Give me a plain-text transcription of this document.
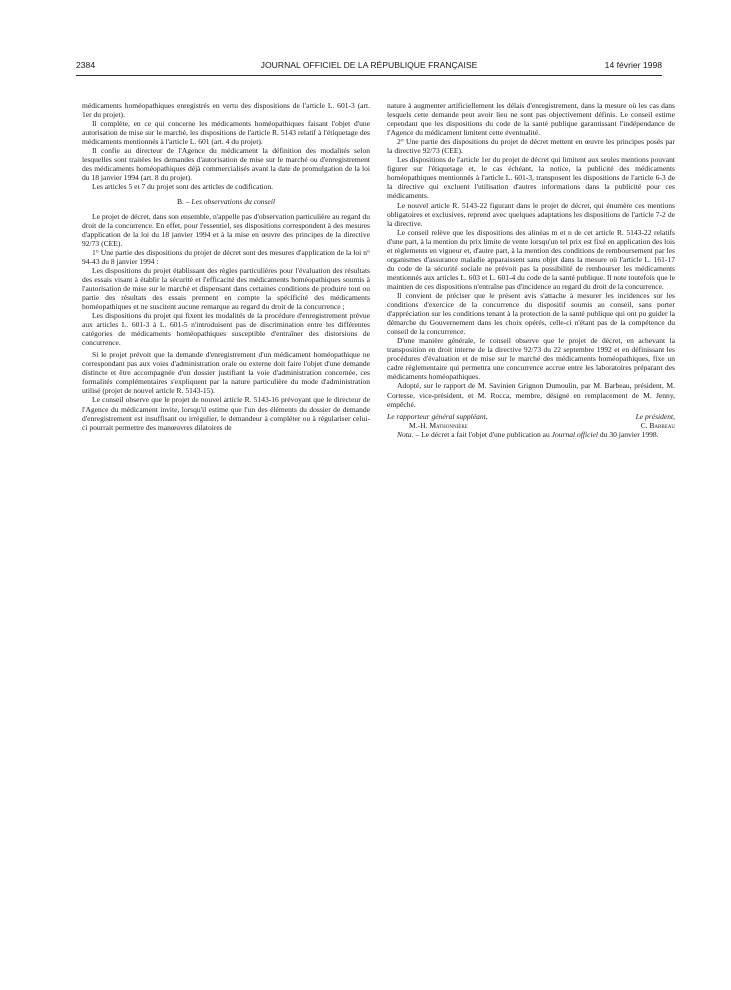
2384	JOURNAL OFFICIEL DE LA RÉPUBLIQUE FRANÇAISE	14 février 1998

médicaments homéopathiques enregistrés en vertu des dispositions de l'article L. 601-3 (art. 1er du projet).

Il complète, en ce qui concerne les médicaments homéopathiques faisant l'objet d'une autorisation de mise sur le marché, les dispositions de l'article R. 5143 relatif à l'étiquetage des médicaments mentionnés à l'article L. 601 (art. 4 du projet).

Il confie au directeur de l'Agence du médicament la définition des modalités selon lesquelles sont traitées les demandes d'autorisation de mise sur le marché ou d'enregistrement des médicaments homéopathiques déjà commercialisés avant la date de promulgation de la loi du 18 janvier 1994 (art. 8 du projet).

Les articles 5 et 7 du projet sont des articles de codification.

B. – Les observations du conseil

Le projet de décret, dans son ensemble, n'appelle pas d'observation particulière au regard du droit de la concurrence. En effet, pour l'essentiel, ses dispositions correspondent à des mesures d'application de la loi du 18 janvier 1994 et à la mise en œuvre des principes de la directive 92/73 (CEE).

1° Une partie des dispositions du projet de décret sont des mesures d'application de la loi n° 94-43 du 8 janvier 1994 :

Les dispositions du projet établissant des règles particulières pour l'évaluation des résultats des essais visant à établir la sécurité et l'efficacité des médicaments homéopathiques soumis à l'autorisation de mise sur le marché et dispensant dans certaines conditions de produire tout ou partie des résultats des essais prennent en compte la spécificité des médicaments homéopathiques et ne suscitent aucune remarque au regard du droit de la concurrence ;

Les dispositions du projet qui fixent les modalités de la procédure d'enregistrement prévue aux articles L. 601-3 à L. 601-5 n'introduisent pas de discrimination entre les différentes catégories de médicaments homéopathiques susceptible d'entraîner des distorsions de concurrence.

Si le projet prévoit que la demande d'enregistrement d'un médicament homéopathique ne correspondant pas aux voies d'administration orale ou externe doit faire l'objet d'une demande distincte et être accompagnée d'un dossier justifiant la voie d'administration concernée, ces formalités complémentaires s'expliquent par la nature particulière du mode d'administration utilisé (projet de nouvel article R. 5143-15).

Le conseil observe que le projet de nouvel article R. 5143-16 prévoyant que le directeur de l'Agence du médicament invite, lorsqu'il estime que l'un des éléments du dossier de demande d'enregistrement est insuffisant ou irrégulier, le demandeur à compléter ou à régulariser celui-ci pourrait permettre des manœuvres dilatoires de

nature à augmenter artificiellement les délais d'enregistrement, dans la mesure où les cas dans lesquels cette demande peut avoir lieu ne sont pas objectivement définis. Le conseil estime cependant que les dispositions du code de la santé publique garantissant l'indépendance de l'Agence du médicament limitent cette éventualité.

2° Une partie des dispositions du projet de décret mettent en œuvre les principes posés par la directive 92/73 (CEE).

Les dispositions de l'article 1er du projet de décret qui limitent aux seules mentions pouvant figurer sur l'étiquetage et, le cas échéant, la notice, la publicité des médicaments homéopathiques mentionnés à l'article L. 601-3, transposent les dispositions de l'article 6-3 de la directive qui excluent l'utilisation d'autres informations dans la publicité pour ces médicaments.

Le nouvel article R. 5143-22 figurant dans le projet de décret, qui énumère ces mentions obligatoires et exclusives, reprend avec quelques adaptations les dispositions de l'article 7-2 de la directive.

Le conseil relève que les dispositions des alinéas m et n de cet article R. 5143-22 relatifs d'une part, à la mention du prix limite de vente lorsqu'un tel prix est fixé en application des lois et règlements en vigueur et, d'autre part, à la mention des conditions de remboursement par les organismes d'assurance maladie apparaissent sans objet dans la mesure où l'article L. 161-17 du code de la sécurité sociale ne prévoit pas la possibilité de rembourser les médicaments mentionnés aux articles L. 603 et L. 601-4 du code de la santé publique. Il note toutefois que le maintien de ces dispositions n'entraîne pas d'incidence au regard du droit de la concurrence.

Il convient de préciser que le présent avis s'attache à mesurer les incidences sur les conditions d'exercice de la concurrence du dispositif soumis au conseil, sans porter d'appréciation sur les conditions tenant à la protection de la santé publique qui ont pu guider la démarche du Gouvernement dans les choix opérés, celle-ci n'étant pas de la compétence du conseil de la concurrence.

D'une manière générale, le conseil observe que le projet de décret, en achevant la transposition en droit interne de la directive 92/73 du 22 septembre 1992 et en définissant les procédures d'évaluation et de mise sur le marché des médicaments homéopathiques, fixe un cadre réglementaire qui permettra une concurrence accrue entre les laboratoires préparant des médicaments homéopathiques.

Adopté, sur le rapport de M. Savinien Grignon Dumoulin, par M. Barbeau, président, M. Cortesse, vice-président, et M. Rocca, membre, désigné en remplacement de M. Jenny, empêché.

Le rapporteur général suppléant,	Le président,
M.-H. Mathonnière	C. Barbeau

Nota. – Le décret a fait l'objet d'une publication au Journal officiel du 30 janvier 1998.
